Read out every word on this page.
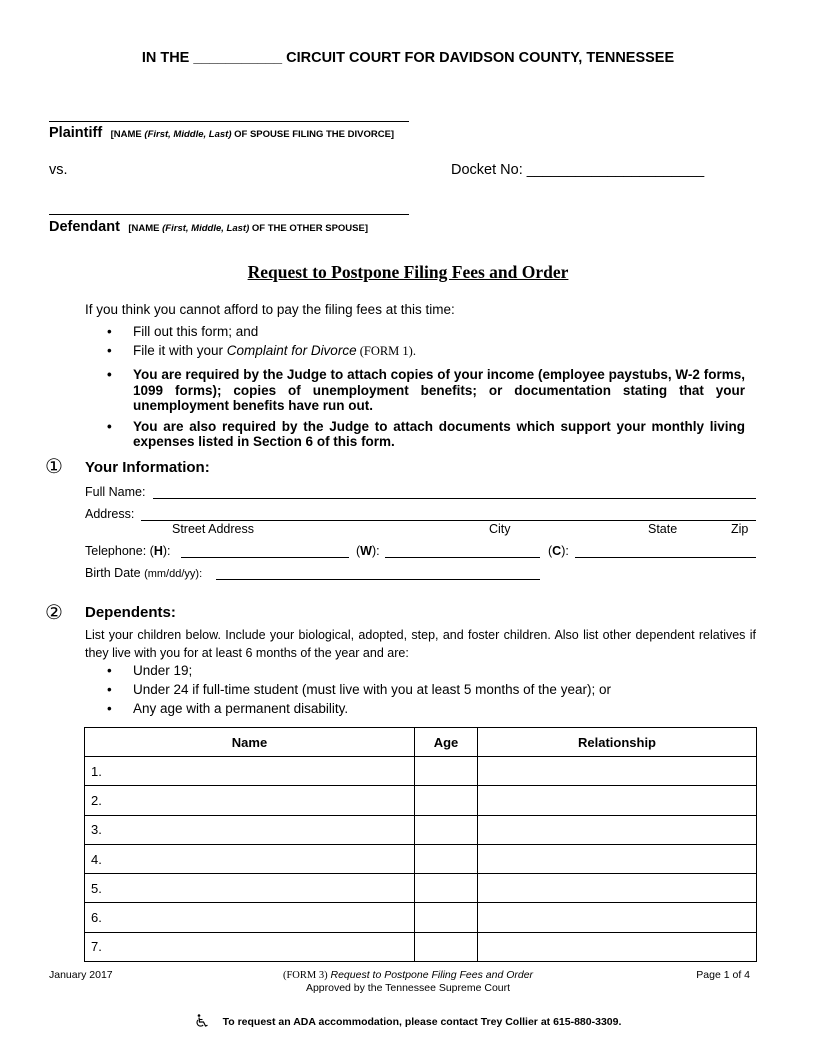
IN THE ___________ CIRCUIT COURT FOR DAVIDSON COUNTY, TENNESSEE
Plaintiff [NAME (First, Middle, Last) OF SPOUSE FILING THE DIVORCE]
vs.	Docket No: ______________________
Defendant [NAME (First, Middle, Last) OF THE OTHER SPOUSE]
Request to Postpone Filing Fees and Order
If you think you cannot afford to pay the filing fees at this time:
• Fill out this form; and
• File it with your Complaint for Divorce (FORM 1).
• You are required by the Judge to attach copies of your income (employee paystubs, W-2 forms, 1099 forms); copies of unemployment benefits; or documentation stating that your unemployment benefits have run out.
• You are also required by the Judge to attach documents which support your monthly living expenses listed in Section 6 of this form.
① Your Information:
Full Name:
Address:
Street Address	City	State	Zip
Telephone: (H):	(W):	(C):
Birth Date (mm/dd/yy):
② Dependents:
List your children below. Include your biological, adopted, step, and foster children. Also list other dependent relatives if they live with you for at least 6 months of the year and are:
• Under 19;
• Under 24 if full-time student (must live with you at least 5 months of the year); or
• Any age with a permanent disability.
Name	Age	Relationship
1.		
2.		
3.		
4.		
5.		
6.		
7.		
January 2017	(FORM 3) Request to Postpone Filing Fees and Order
Approved by the Tennessee Supreme Court
Page 1 of 4
To request an ADA accommodation, please contact Trey Collier at 615-880-3309.
